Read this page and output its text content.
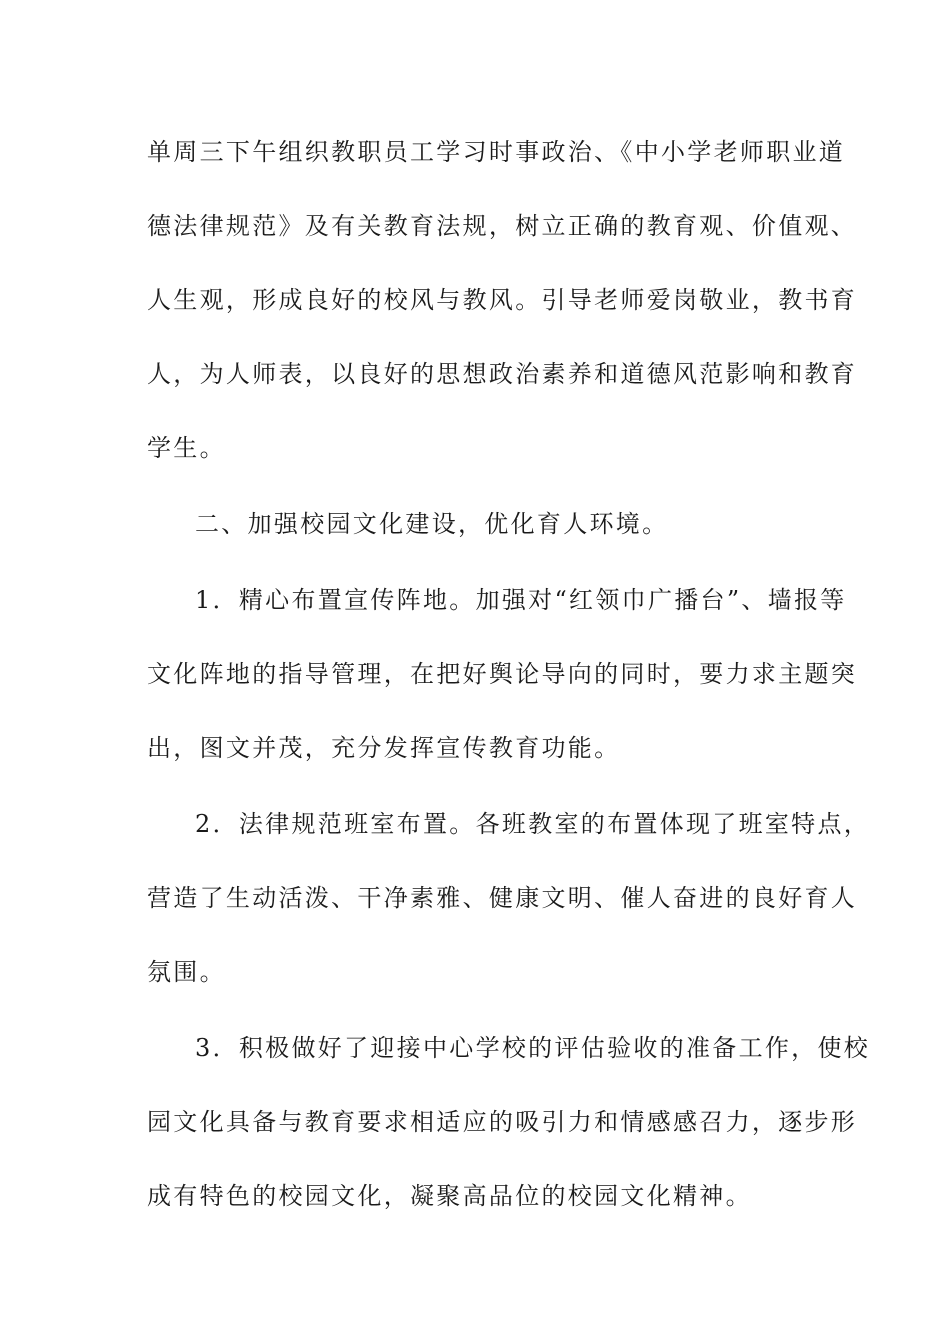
单周三下午组织教职员工学习时事政治、《中小学老师职业道
德法律规范》及有关教育法规，树立正确的教育观、价值观、
人生观，形成良好的校风与教风。引导老师爱岗敬业，教书育
人，为人师表，以良好的思想政治素养和道德风范影响和教育
学生。
二、加强校园文化建设，优化育人环境。
1．精心布置宣传阵地。加强对“红领巾广播台”、墙报等
文化阵地的指导管理，在把好舆论导向的同时，要力求主题突
出，图文并茂，充分发挥宣传教育功能。
2．法律规范班室布置。各班教室的布置体现了班室特点，
营造了生动活泼、干净素雅、健康文明、催人奋进的良好育人
氛围。
3．积极做好了迎接中心学校的评估验收的准备工作，使校
园文化具备与教育要求相适应的吸引力和情感感召力，逐步形
成有特色的校园文化，凝聚高品位的校园文化精神。
